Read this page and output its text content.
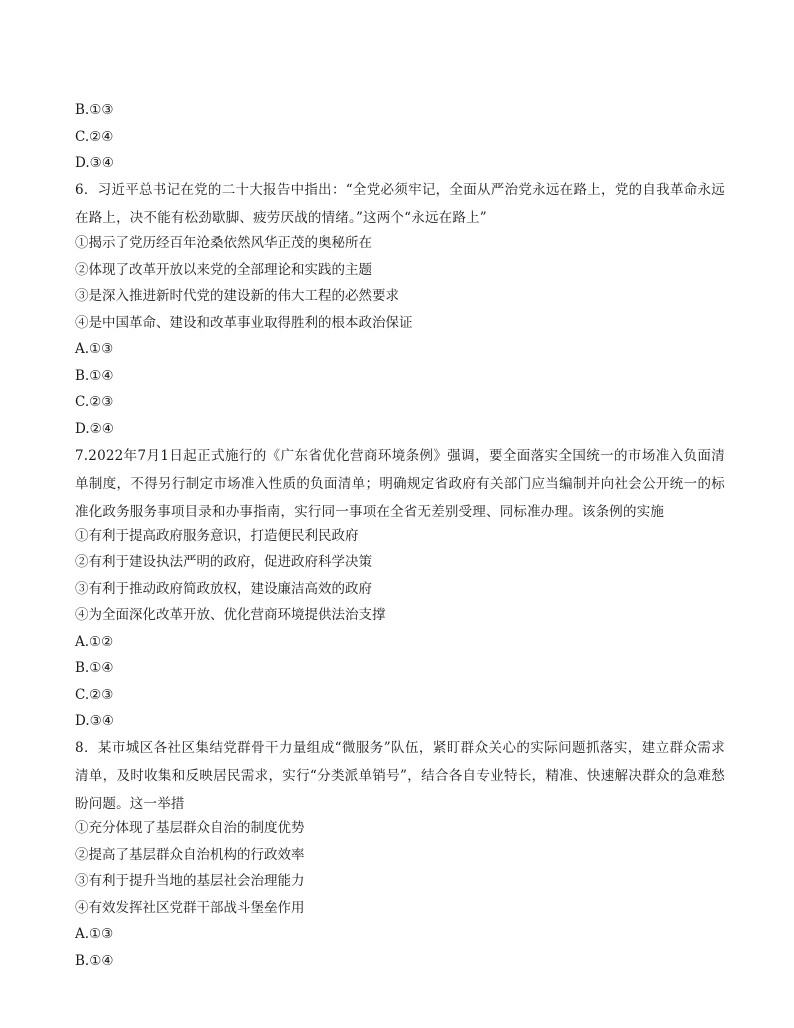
B.①③
C.②④
D.③④
6．习近平总书记在党的二十大报告中指出：“全党必须牢记，全面从严治党永远在路上，党的自我革命永远在路上，决不能有松劲歇脚、疲劳厌战的情绪。”这两个“永远在路上”
①揭示了党历经百年沧桑依然风华正茂的奥秘所在
②体现了改革开放以来党的全部理论和实践的主题
③是深入推进新时代党的建设新的伟大工程的必然要求
④是中国革命、建设和改革事业取得胜利的根本政治保证
A.①③
B.①④
C.②③
D.②④
7.2022年7月1日起正式施行的《广东省优化营商环境条例》强调，要全面落实全国统一的市场准入负面清单制度，不得另行制定市场准入性质的负面清单；明确规定省政府有关部门应当编制并向社会公开统一的标准化政务服务事项目录和办事指南，实行同一事项在全省无差别受理、同标准办理。该条例的实施
①有利于提高政府服务意识，打造便民利民政府
②有利于建设执法严明的政府，促进政府科学决策
③有利于推动政府简政放权，建设廉洁高效的政府
④为全面深化改革开放、优化营商环境提供法治支撑
A.①②
B.①④
C.②③
D.③④
8．某市城区各社区集结党群骨干力量组成“微服务”队伍，紧盯群众关心的实际问题抓落实，建立群众需求清单，及时收集和反映居民需求，实行“分类派单销号”，结合各自专业特长，精准、快速解决群众的急难愁盼问题。这一举措
①充分体现了基层群众自治的制度优势
②提高了基层群众自治机构的行政效率
③有利于提升当地的基层社会治理能力
④有效发挥社区党群干部战斗堡垒作用
A.①③
B.①④
